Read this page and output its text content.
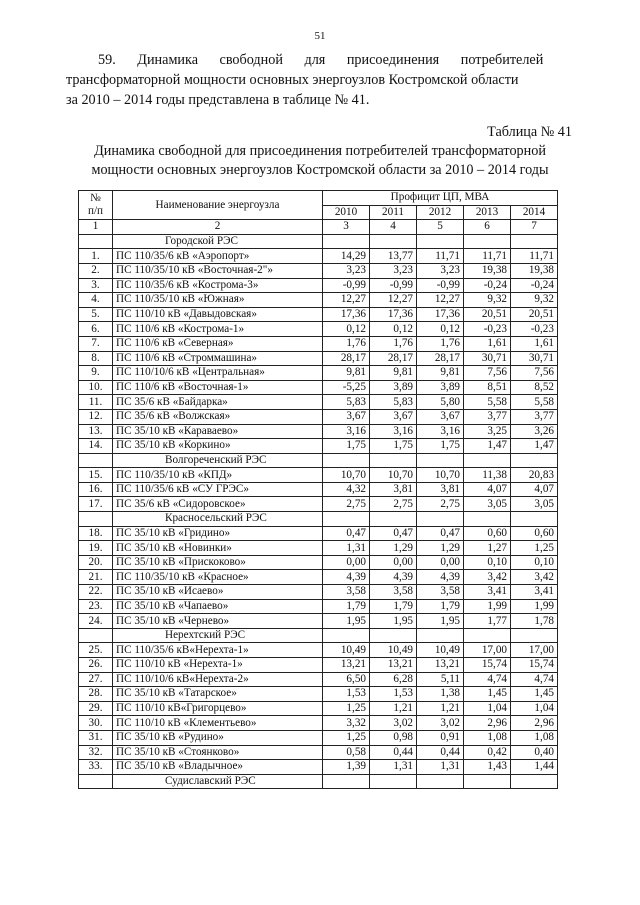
51
59. Динамика свободной для присоединения потребителей
трансформаторной мощности основных энергоузлов Костромской области
за 2010 – 2014 годы представлена в таблице № 41.
Таблица № 41
Динамика свободной для присоединения потребителей трансформаторной
мощности основных энергоузлов Костромской области за 2010 – 2014 годы
№
п/п	Наименование энергоузла	Профицит ЦП, МВА				
		2010	2011	2012	2013	2014
1	2	3	4	5	6	7
	Городской РЭС					
1.	ПС 110/35/6 кВ «Аэропорт»	14,29	13,77	11,71	11,71	11,71
2.	ПС 110/35/10 кВ «Восточная-2"»	3,23	3,23	3,23	19,38	19,38
3.	ПС 110/35/6 кВ «Кострома-3»	-0,99	-0,99	-0,99	-0,24	-0,24
4.	ПС 110/35/10 кВ «Южная»	12,27	12,27	12,27	9,32	9,32
5.	ПС 110/10 кВ «Давыдовская»	17,36	17,36	17,36	20,51	20,51
6.	ПС 110/6 кВ «Кострома-1»	0,12	0,12	0,12	-0,23	-0,23
7.	ПС 110/6 кВ «Северная»	1,76	1,76	1,76	1,61	1,61
8.	ПС 110/6 кВ «Строммашина»	28,17	28,17	28,17	30,71	30,71
9.	ПС 110/10/6 кВ «Центральная»	9,81	9,81	9,81	7,56	7,56
10.	ПС 110/6 кВ «Восточная-1»	-5,25	3,89	3,89	8,51	8,52
11.	ПС 35/6 кВ «Байдарка»	5,83	5,83	5,80	5,58	5,58
12.	ПС 35/6 кВ «Волжская»	3,67	3,67	3,67	3,77	3,77
13.	ПС 35/10 кВ «Караваево»	3,16	3,16	3,16	3,25	3,26
14.	ПС 35/10 кВ «Коркино»	1,75	1,75	1,75	1,47	1,47
	Волгореченский РЭС					
15.	ПС 110/35/10 кВ «КПД»	10,70	10,70	10,70	11,38	20,83
16.	ПС 110/35/6 кВ «СУ ГРЭС»	4,32	3,81	3,81	4,07	4,07
17.	ПС 35/6 кВ «Сидоровское»	2,75	2,75	2,75	3,05	3,05
	Красносельский РЭС					
18.	ПС 35/10 кВ «Гридино»	0,47	0,47	0,47	0,60	0,60
19.	ПС 35/10 кВ «Новинки»	1,31	1,29	1,29	1,27	1,25
20.	ПС 35/10 кВ «Прискоково»	0,00	0,00	0,00	0,10	0,10
21.	ПС 110/35/10 кВ «Красное»	4,39	4,39	4,39	3,42	3,42
22.	ПС 35/10 кВ «Исаево»	3,58	3,58	3,58	3,41	3,41
23.	ПС 35/10 кВ «Чапаево»	1,79	1,79	1,79	1,99	1,99
24.	ПС 35/10 кВ «Чернево»	1,95	1,95	1,95	1,77	1,78
	Нерехтский РЭС					
25.	ПС 110/35/6 кВ«Нерехта-1»	10,49	10,49	10,49	17,00	17,00
26.	ПС 110/10 кВ «Нерехта-1»	13,21	13,21	13,21	15,74	15,74
27.	ПС 110/10/6 кВ«Нерехта-2»	6,50	6,28	5,11	4,74	4,74
28.	ПС 35/10 кВ «Татарское»	1,53	1,53	1,38	1,45	1,45
29.	ПС 110/10 кВ«Григорцево»	1,25	1,21	1,21	1,04	1,04
30.	ПС 110/10 кВ «Клементьево»	3,32	3,02	3,02	2,96	2,96
31.	ПС 35/10 кВ «Рудино»	1,25	0,98	0,91	1,08	1,08
32.	ПС 35/10 кВ «Стоянково»	0,58	0,44	0,44	0,42	0,40
33.	ПС 35/10 кВ «Владычное»	1,39	1,31	1,31	1,43	1,44
	Судиславский РЭС					
